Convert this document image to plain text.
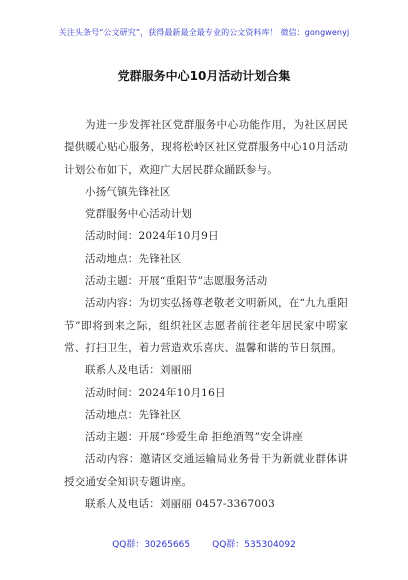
关注头条号“公文研究”，获得最新最全最专业的公文资料库！ 微信：gongwenyj
党群服务中心10月活动计划合集

为进一步发挥社区党群服务中心功能作用，为社区居民提供暖心贴心服务，现将松岭区社区党群服务中心10月活动计划公布如下，欢迎广大居民群众踊跃参与。

小扬气镇先锋社区

党群服务中心活动计划

活动时间：2024年10月9日

活动地点：先锋社区

活动主题：开展“重阳节”志愿服务活动

活动内容：为切实弘扬尊老敬老文明新风，在“九九重阳节”即将到来之际，组织社区志愿者前往老年居民家中唠家常、打扫卫生，着力营造欢乐喜庆、温馨和谐的节日氛围。

联系人及电话：刘丽丽

活动时间：2024年10月16日

活动地点：先锋社区

活动主题：开展“珍爱生命 拒绝酒驾”安全讲座

活动内容：邀请区交通运输局业务骨干为新就业群体讲授交通安全知识专题讲座。

联系人及电话：刘丽丽 0457-3367003

QQ群：30265665 QQ群：535304092
